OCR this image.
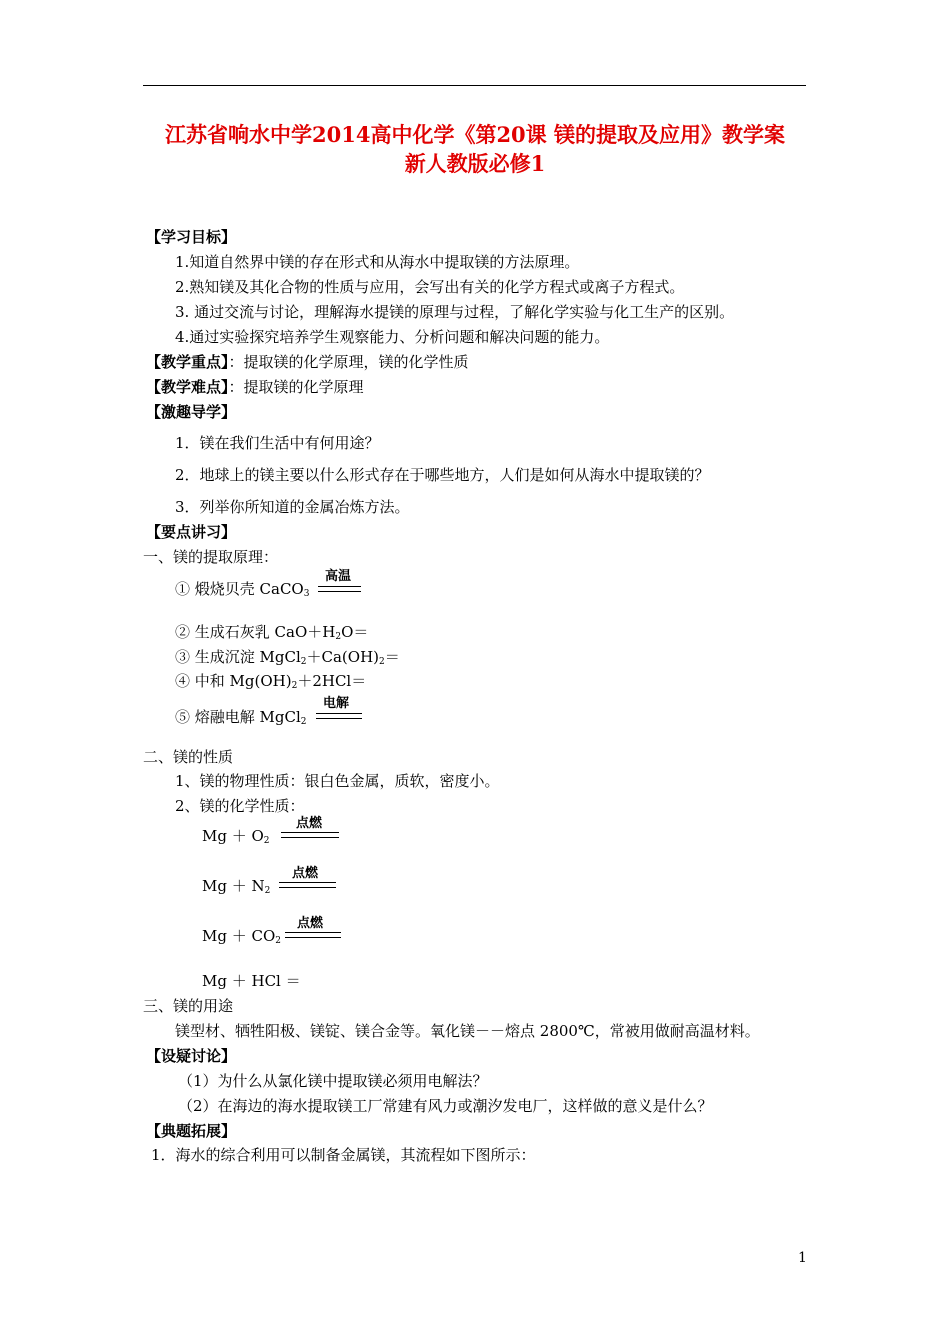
江苏省响水中学2014高中化学《第20课 镁的提取及应用》教学案
新人教版必修1
【学习目标】
1.知道自然界中镁的存在形式和从海水中提取镁的方法原理。
2.熟知镁及其化合物的性质与应用，会写出有关的化学方程式或离子方程式。
3. 通过交流与讨论，理解海水提镁的原理与过程，了解化学实验与化工生产的区别。
4.通过实验探究培养学生观察能力、分析问题和解决问题的能力。
【教学重点】：提取镁的化学原理，镁的化学性质
【教学难点】：提取镁的化学原理
【激趣导学】
1．镁在我们生活中有何用途？
2．地球上的镁主要以什么形式存在于哪些地方，人们是如何从海水中提取镁的？
3．列举你所知道的金属冶炼方法。
【要点讲习】
一、镁的提取原理：
① 煅烧贝壳 CaCO$_3$
高温
② 生成石灰乳 $CaO+H_2O=$
③ 生成沉淀 $MgCl_2+Ca(OH)_2=$
④ 中和 $Mg(OH)_2+2HCl=$
⑤ 熔融电解 MgCl$_2$
电解
二、镁的性质
1、镁的物理性质：银白色金属，质软，密度小。
2、镁的化学性质：
$Mg + O_2$
点燃
$Mg + N_2$
点燃
$Mg + CO_2$
点燃
Mg ＋ HCl ＝
三、镁的用途
镁型材、牺牲阳极、镁锭、镁合金等。氧化镁－－熔点 2800℃，常被用做耐高温材料。
【设疑讨论】
（1）为什么从氯化镁中提取镁必须用电解法？
（2）在海边的海水提取镁工厂常建有风力或潮汐发电厂，这样做的意义是什么？
【典题拓展】
1．海水的综合利用可以制备金属镁，其流程如下图所示：
1
